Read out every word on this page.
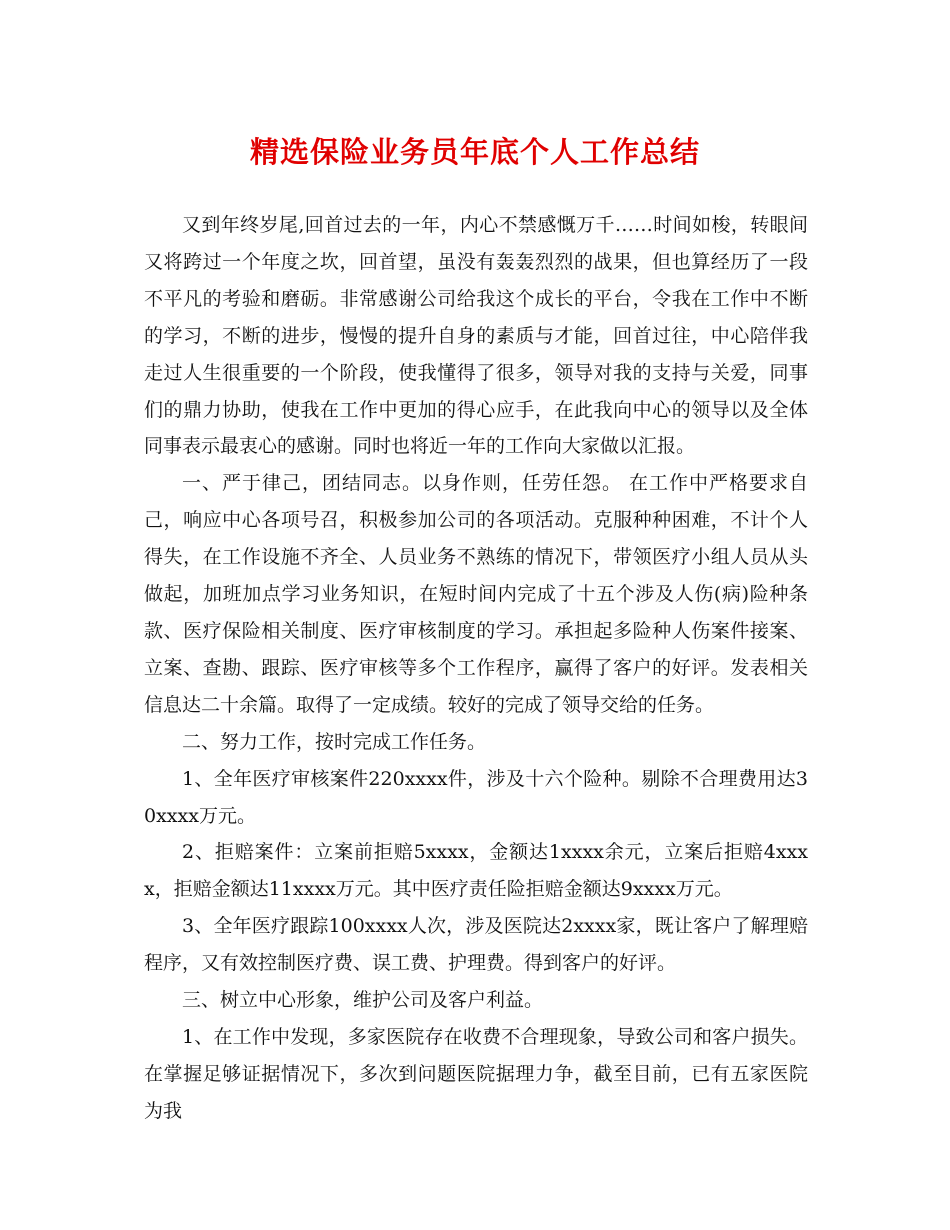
精选保险业务员年底个人工作总结

又到年终岁尾,回首过去的一年，内心不禁感慨万千……时间如梭，转眼间又将跨过一个年度之坎，回首望，虽没有轰轰烈烈的战果，但也算经历了一段不平凡的考验和磨砺。非常感谢公司给我这个成长的平台，令我在工作中不断的学习，不断的进步，慢慢的提升自身的素质与才能，回首过往，中心陪伴我走过人生很重要的一个阶段，使我懂得了很多，领导对我的支持与关爱，同事们的鼎力协助，使我在工作中更加的得心应手，在此我向中心的领导以及全体同事表示最衷心的感谢。同时也将近一年的工作向大家做以汇报。

一、严于律己，团结同志。以身作则，任劳任怨。 在工作中严格要求自己，响应中心各项号召，积极参加公司的各项活动。克服种种困难，不计个人得失，在工作设施不齐全、人员业务不熟练的情况下，带领医疗小组人员从头做起，加班加点学习业务知识，在短时间内完成了十五个涉及人伤(病)险种条款、医疗保险相关制度、医疗审核制度的学习。承担起多险种人伤案件接案、立案、查勘、跟踪、医疗审核等多个工作程序，赢得了客户的好评。发表相关信息达二十余篇。取得了一定成绩。较好的完成了领导交给的任务。

二、努力工作，按时完成工作任务。

1、全年医疗审核案件220xxxx件，涉及十六个险种。剔除不合理费用达30xxxx万元。

2、拒赔案件：立案前拒赔5xxxx，金额达1xxxx余元，立案后拒赔4xxxx，拒赔金额达11xxxx万元。其中医疗责任险拒赔金额达9xxxx万元。

3、全年医疗跟踪100xxxx人次，涉及医院达2xxxx家，既让客户了解理赔程序，又有效控制医疗费、误工费、护理费。得到客户的好评。

三、树立中心形象，维护公司及客户利益。

1、在工作中发现，多家医院存在收费不合理现象，导致公司和客户损失。在掌握足够证据情况下，多次到问题医院据理力争，截至目前，已有五家医院为我
